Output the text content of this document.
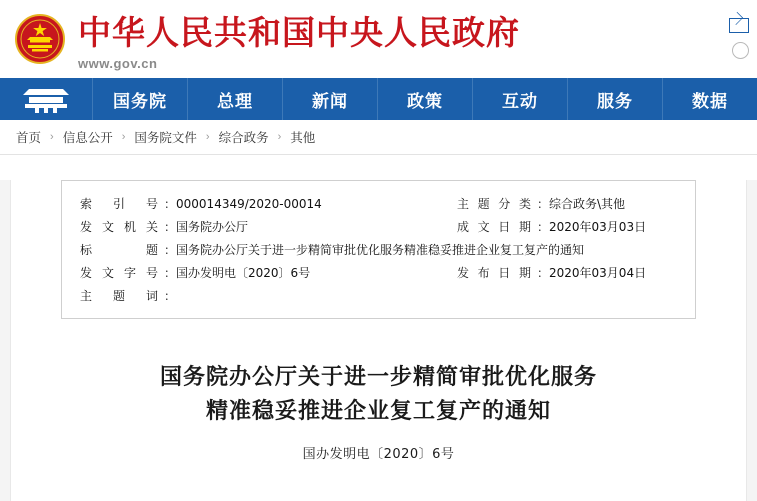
中华人民共和国中央人民政府
www.gov.cn
国务院	总理	新闻	政策	互动	服务	数据
首页 › 信息公开 › 国务院文件 › 综合政务 › 其他
索引号	：	000014349/2020-00014	主题分类	：	综合政务\其他
发文机关	：	国务院办公厅	成文日期	：	2020年03月03日
标题	：	国务院办公厅关于进一步精简审批优化服务精准稳妥推进企业复工复产的通知			
发文字号	：	国办发明电〔2020〕6号	发布日期	：	2020年03月04日
主题词	：				
国务院办公厅关于进一步精简审批优化服务
精准稳妥推进企业复工复产的通知
国办发明电〔2020〕6号
